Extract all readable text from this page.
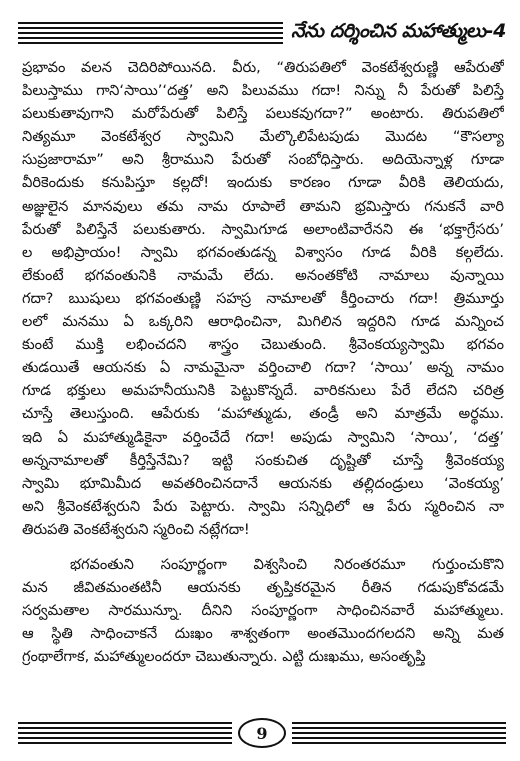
నేను దర్శించిన మహాత్ములు-4
ప్రభావం వలన చెదిరిపోయినది. వీరు, “తిరుపతిలో వెంకటేశ్వరుణ్ణి ఆపేరుతో
పిలుస్తాము గాని‘సాయి’‘దత్త’ అని పిలువము గదా! నిన్ను నీ పేరుతో పిలిస్తే
పలుకుతావుగాని మరోపేరుతో పిలిస్తే పలుకవుగదా?” అంటారు. తిరుపతిలో
నిత్యమూ వెంకటేశ్వర స్వామిని మేల్కొలిపేటపుడు మొదట “కౌసల్యా
సుప్రజారామా” అని శ్రీరాముని పేరుతో సంబోధిస్తారు. అదియెన్నాళ్ల గూడా
వీరికెందుకు కనుపిస్తూ కల్లదో! ఇందుకు కారణం గూడా వీరికి తెలియదు,
అజ్ఞులైన మానవులు తమ నామ రూపాలే తామని భ్రమిస్తారు గనుకనే వారి
పేరుతో పిలిస్తేనే పలుకుతారు. స్వామిగూడ అలాంటివారేనని ఈ ‘భక్తాగ్రేసరు’
ల అభిప్రాయం! స్వామి భగవంతుడన్న విశ్వాసం గూడ వీరికి కల్గలేదు.
లేకుంటే భగవంతునికి నామమే లేదు. అనంతకోటి నామాలు వున్నాయి
గదా? ఋషులు భగవంతుణ్ణి సహస్ర నామాలతో కీర్తించారు గదా! త్రిమూర్తు
లలో మనము ఏ ఒక్కరిని ఆరాధించినా, మిగిలిన ఇద్దరిని గూడ మన్నించ
కుంటే ముక్తి లభించదని శాస్త్రం చెబుతుంది. శ్రీవెంకయ్యస్వామి భగవం
తుడయితే ఆయనకు ఏ నామమైనా వర్తించాలి గదా? ‘సాయి’ అన్న నామం
గూడ భక్తులు అమహనీయునికి పెట్టుకొన్నదే. వారికనులు పేరే లేదని చరిత్ర
చూస్తే తెలుస్తుంది. ఆపేరుకు ‘మహాత్ముడు, తండ్రీ అని మాత్రమే అర్థము.
ఇది ఏ మహాత్ముడికైనా వర్తించేదే గదా! అపుడు స్వామిని ‘సాయి’, ‘దత్త’
అన్ననామాలతో కీర్తిస్తేనేమి? ఇట్టి సంకుచిత దృష్టితో చూస్తే శ్రీవెంకయ్య
స్వామి భూమిమీద అవతరించినదానే ఆయనకు తల్లిదండ్రులు ‘వెంకయ్య’
అని శ్రీవెంకటేశ్వరుని పేరు పెట్టారు. స్వామి సన్నిధిలో ఆ పేరు స్మరించిన నా
తిరుపతి వెంకటేశ్వరుని స్మరించి నట్లేగదా!
భగవంతుని సంపూర్ణంగా విశ్వసించి నిరంతరమూ గుర్తుంచుకొని
మన జీవితమంతటినీ ఆయనకు తృప్తికరమైన రీతిన గడుపుకోవడమే
సర్వమతాల సారమున్నూ. దీనిని సంపూర్ణంగా సాధించినవారే మహాత్ములు.
ఆ స్థితి సాధించాకనే దుఃఖం శాశ్వతంగా అంతమొందగలదని అన్ని మత
గ్రంథాలేగాక, మహాత్ములందరూ చెబుతున్నారు. ఎట్టి దుఃఖము, అసంతృప్తి
9
